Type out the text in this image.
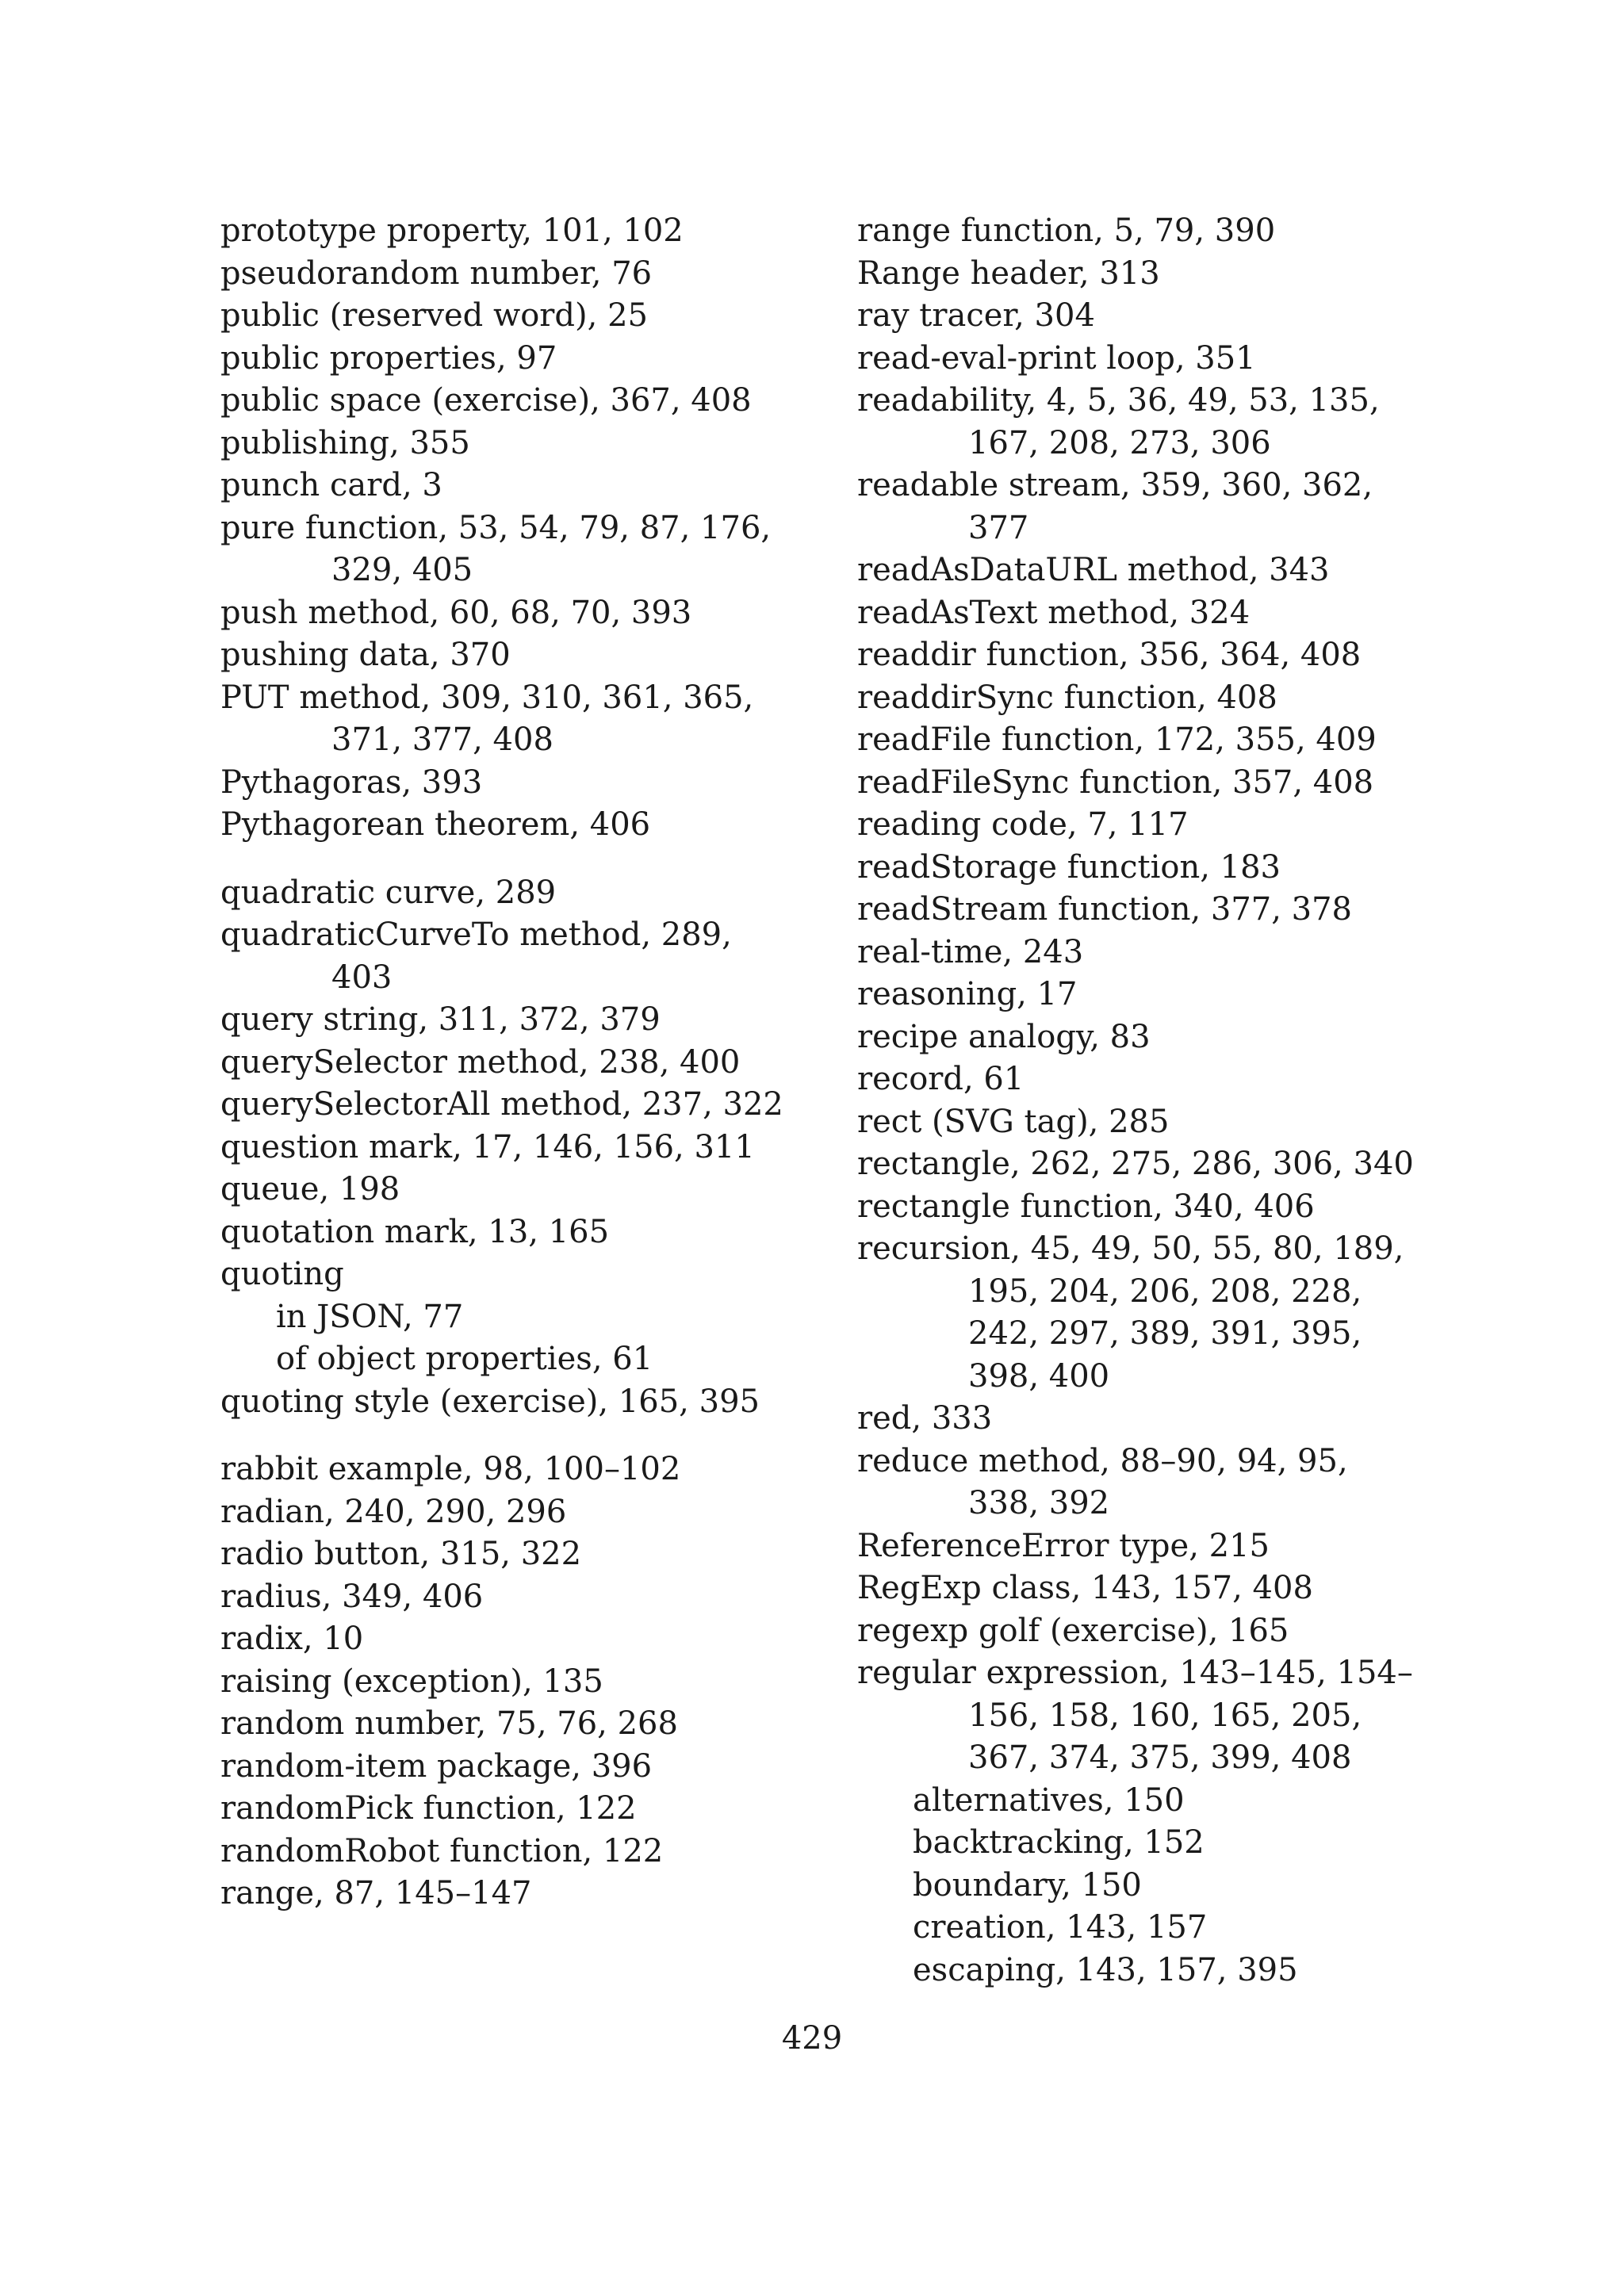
prototype property, 101, 102
pseudorandom number, 76
public (reserved word), 25
public properties, 97
public space (exercise), 367, 408
publishing, 355
punch card, 3
pure function, 53, 54, 79, 87, 176, 329, 405
push method, 60, 68, 70, 393
pushing data, 370
PUT method, 309, 310, 361, 365, 371, 377, 408
Pythagoras, 393
Pythagorean theorem, 406
quadratic curve, 289
quadraticCurveTo method, 289, 403
query string, 311, 372, 379
querySelector method, 238, 400
querySelectorAll method, 237, 322
question mark, 17, 146, 156, 311
queue, 198
quotation mark, 13, 165
quoting
in JSON, 77
of object properties, 61
quoting style (exercise), 165, 395
rabbit example, 98, 100–102
radian, 240, 290, 296
radio button, 315, 322
radius, 349, 406
radix, 10
raising (exception), 135
random number, 75, 76, 268
random-item package, 396
randomPick function, 122
randomRobot function, 122
range, 87, 145–147
range function, 5, 79, 390
Range header, 313
ray tracer, 304
read-eval-print loop, 351
readability, 4, 5, 36, 49, 53, 135, 167, 208, 273, 306
readable stream, 359, 360, 362, 377
readAsDataURL method, 343
readAsText method, 324
readdir function, 356, 364, 408
readdirSync function, 408
readFile function, 172, 355, 409
readFileSync function, 357, 408
reading code, 7, 117
readStorage function, 183
readStream function, 377, 378
real-time, 243
reasoning, 17
recipe analogy, 83
record, 61
rect (SVG tag), 285
rectangle, 262, 275, 286, 306, 340
rectangle function, 340, 406
recursion, 45, 49, 50, 55, 80, 189, 195, 204, 206, 208, 228, 242, 297, 389, 391, 395, 398, 400
red, 333
reduce method, 88–90, 94, 95, 338, 392
ReferenceError type, 215
RegExp class, 143, 157, 408
regexp golf (exercise), 165
regular expression, 143–145, 154–156, 158, 160, 165, 205, 367, 374, 375, 399, 408
alternatives, 150
backtracking, 152
boundary, 150
creation, 143, 157
escaping, 143, 157, 395
429
